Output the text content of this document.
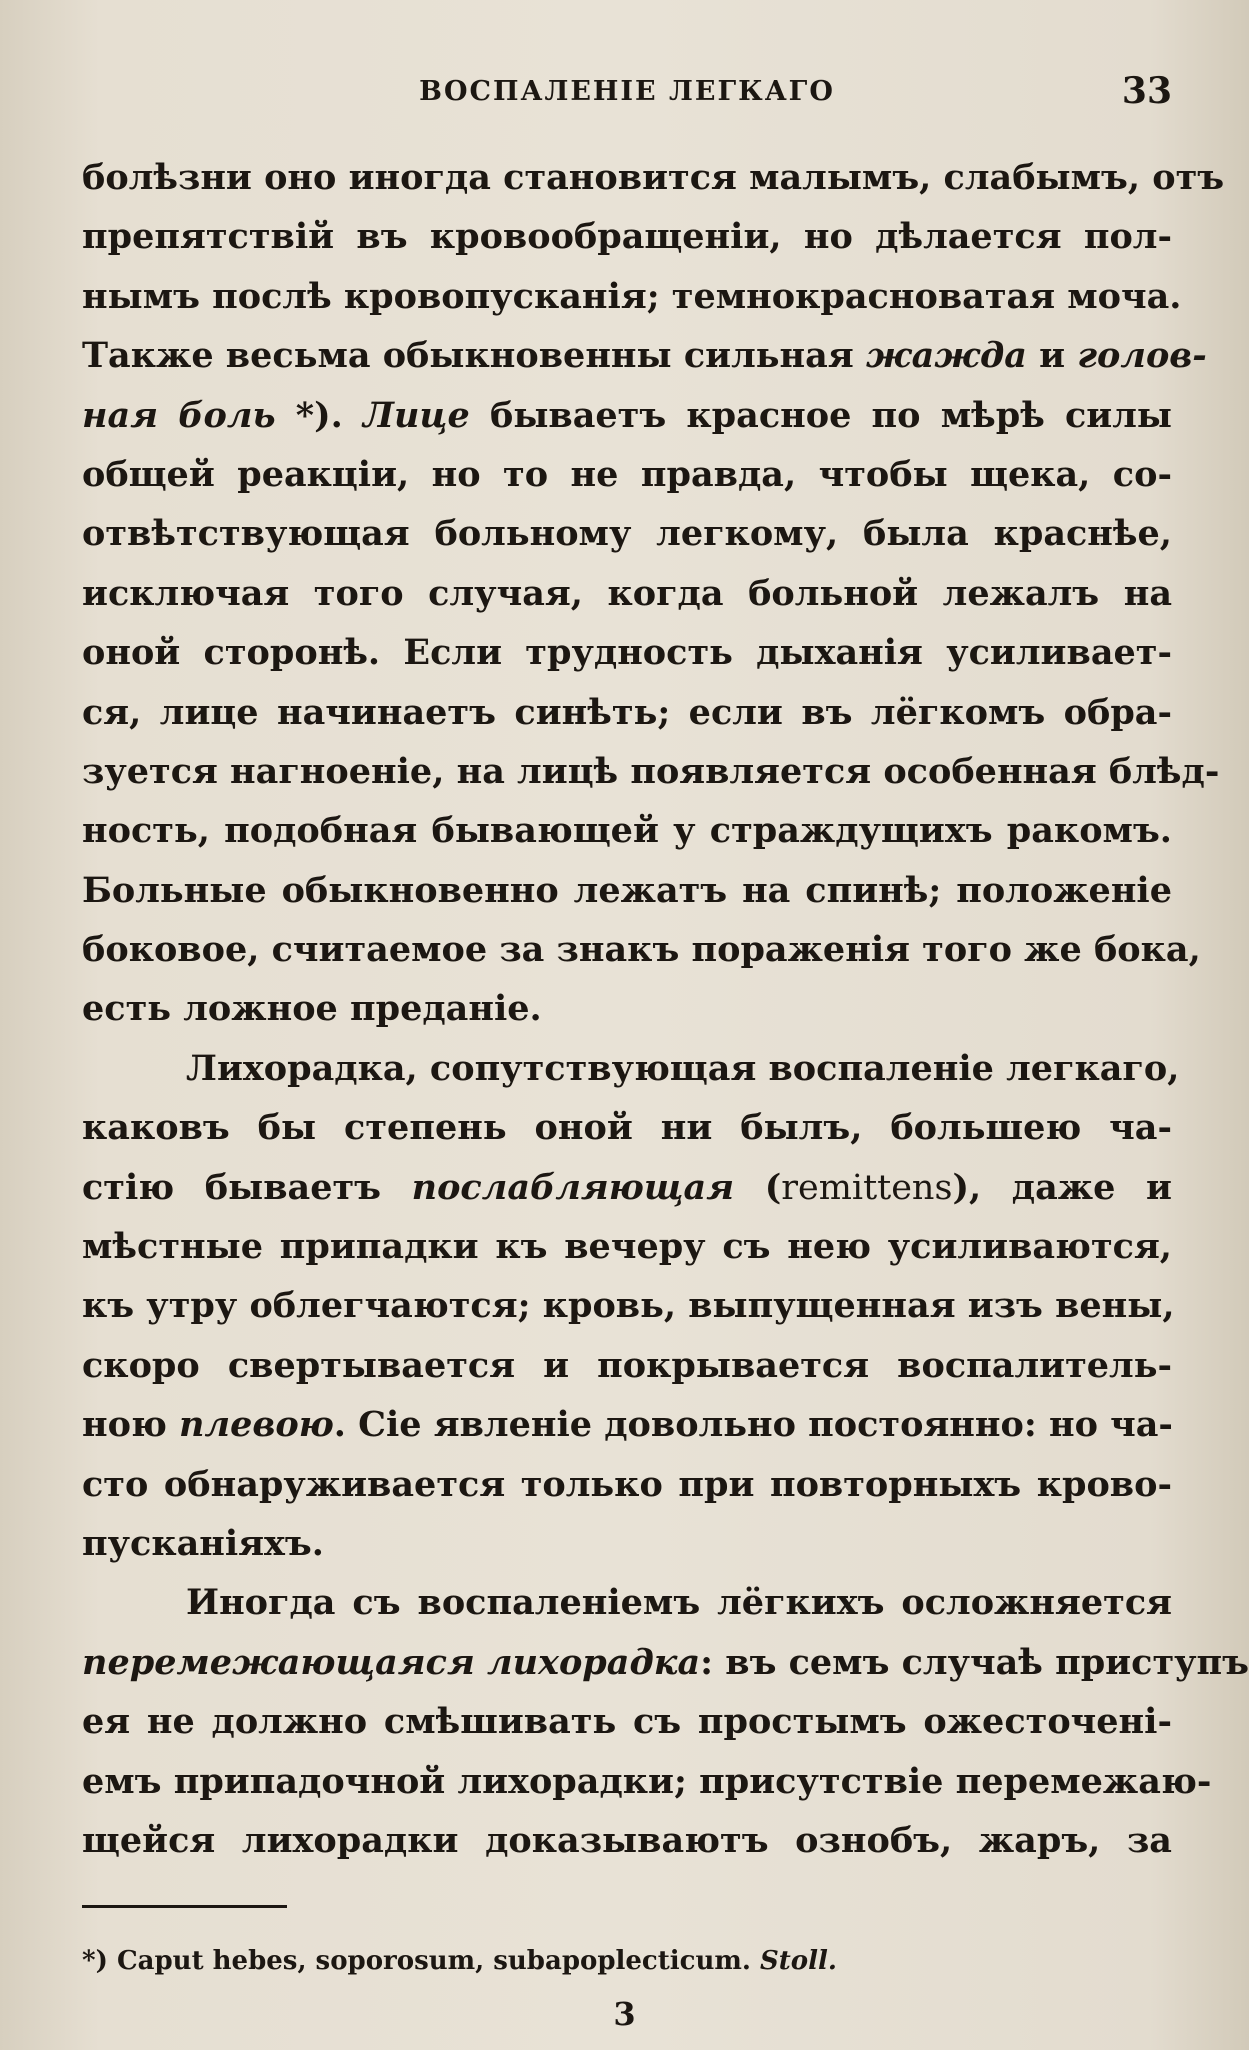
ВОСПАЛЕНІЕ ЛЕГКАГО	33
болѣзни оно иногда становится малымъ, слабымъ, отъ
препятствій въ кровообращеніи, но дѣлается пол-
нымъ послѣ кровопусканія; темнокрасноватая моча.
Также весьма обыкновенны сильная жажда и голов-
ная боль *). Лице бываетъ красное по мѣрѣ силы
общей реакціи, но то не правда, чтобы щека, со-
отвѣтствующая больному легкому, была краснѣе,
исключая того случая, когда больной лежалъ на
оной сторонѣ. Если трудность дыханія усиливает-
ся, лице начинаетъ синѣть; если въ лёгкомъ обра-
зуется нагноеніе, на лицѣ появляется особенная блѣд-
ность, подобная бывающей у страждущихъ ракомъ.
Больные обыкновенно лежатъ на спинѣ; положеніе
боковое, считаемое за знакъ пораженія того же бока,
есть ложное преданіе.
Лихорадка, сопутствующая воспаленіе легкаго,
каковъ бы степень оной ни былъ, большею ча-
стію бываетъ послабляющая (remittens), даже и
мѣстные припадки къ вечеру съ нею усиливаются,
къ утру облегчаются; кровь, выпущенная изъ вены,
скоро свертывается и покрывается воспалитель-
ною плевою. Сіе явленіе довольно постоянно: но ча-
сто обнаруживается только при повторныхъ крово-
пусканіяхъ.
Иногда съ воспаленіемъ лёгкихъ осложняется
перемежающаяся лихорадка: въ семъ случаѣ приступъ
ея не должно смѣшивать съ простымъ ожесточені-
емъ припадочной лихорадки; присутствіе перемежаю-
щейся лихорадки доказываютъ ознобъ, жаръ, за
*) Caput hebes, soporosum, subapoplecticum. Stoll.
3
